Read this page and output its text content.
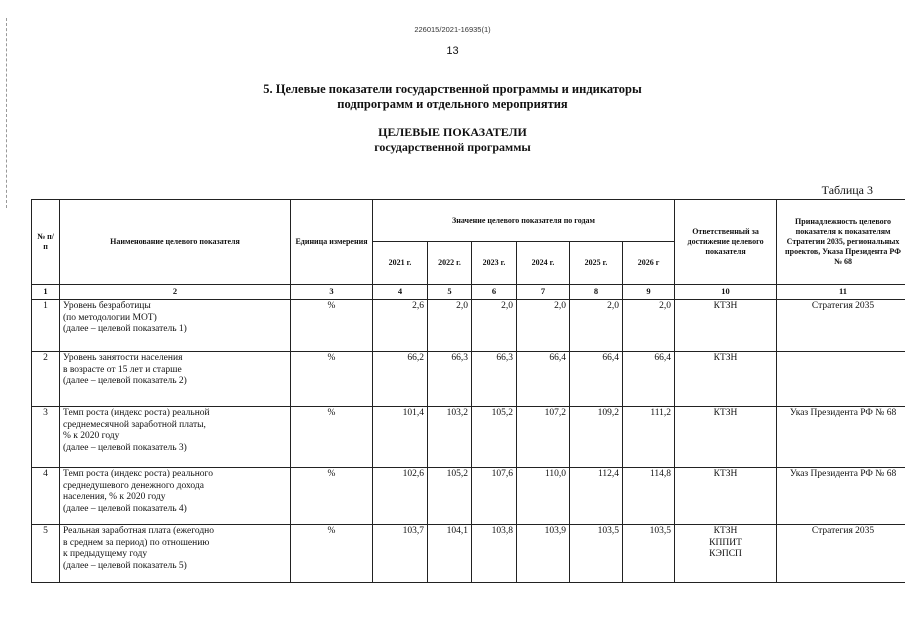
226015/2021-16935(1)
13
5. Целевые показатели государственной программы и индикаторы
подпрограмм и отдельного мероприятия
ЦЕЛЕВЫЕ ПОКАЗАТЕЛИ
государственной программы
Таблица 3
№ п/п	Наименование целевого показателя	Единица измерения	Значение целевого показателя по годам						Ответственный за достижение целевого показателя	Принадлежность целевого показателя к показателям Стратегии 2035, региональных проектов, Указа Президента РФ № 68
			2021 г.	2022 г.	2023 г.	2024 г.	2025 г.	2026 г		
1	2	3	4	5	6	7	8	9	10	11
1	Уровень безработицы
(по методологии МОТ)
(далее – целевой показатель 1)	%	2,6	2,0	2,0	2,0	2,0	2,0	КТЗН	Стратегия 2035
2	Уровень занятости населения
в возрасте от 15 лет и старше
(далее – целевой показатель 2)	%	66,2	66,3	66,3	66,4	66,4	66,4	КТЗН	

3	Темп роста (индекс роста) реальной
среднемесячной заработной платы,
% к 2020 году
(далее – целевой показатель 3)	%	101,4	103,2	105,2	107,2	109,2	111,2	КТЗН	Указ Президента РФ № 68
4	Темп роста (индекс роста) реального
среднедушевого денежного дохода
населения, % к 2020 году
(далее – целевой показатель 4)	%	102,6	105,2	107,6	110,0	112,4	114,8	КТЗН	Указ Президента РФ № 68
5	Реальная заработная плата (ежегодно
в среднем за период) по отношению
к предыдущему году
(далее – целевой показатель 5)	%	103,7	104,1	103,8	103,9	103,5	103,5	КТЗН
КППИТ
КЭПСП	Стратегия 2035
